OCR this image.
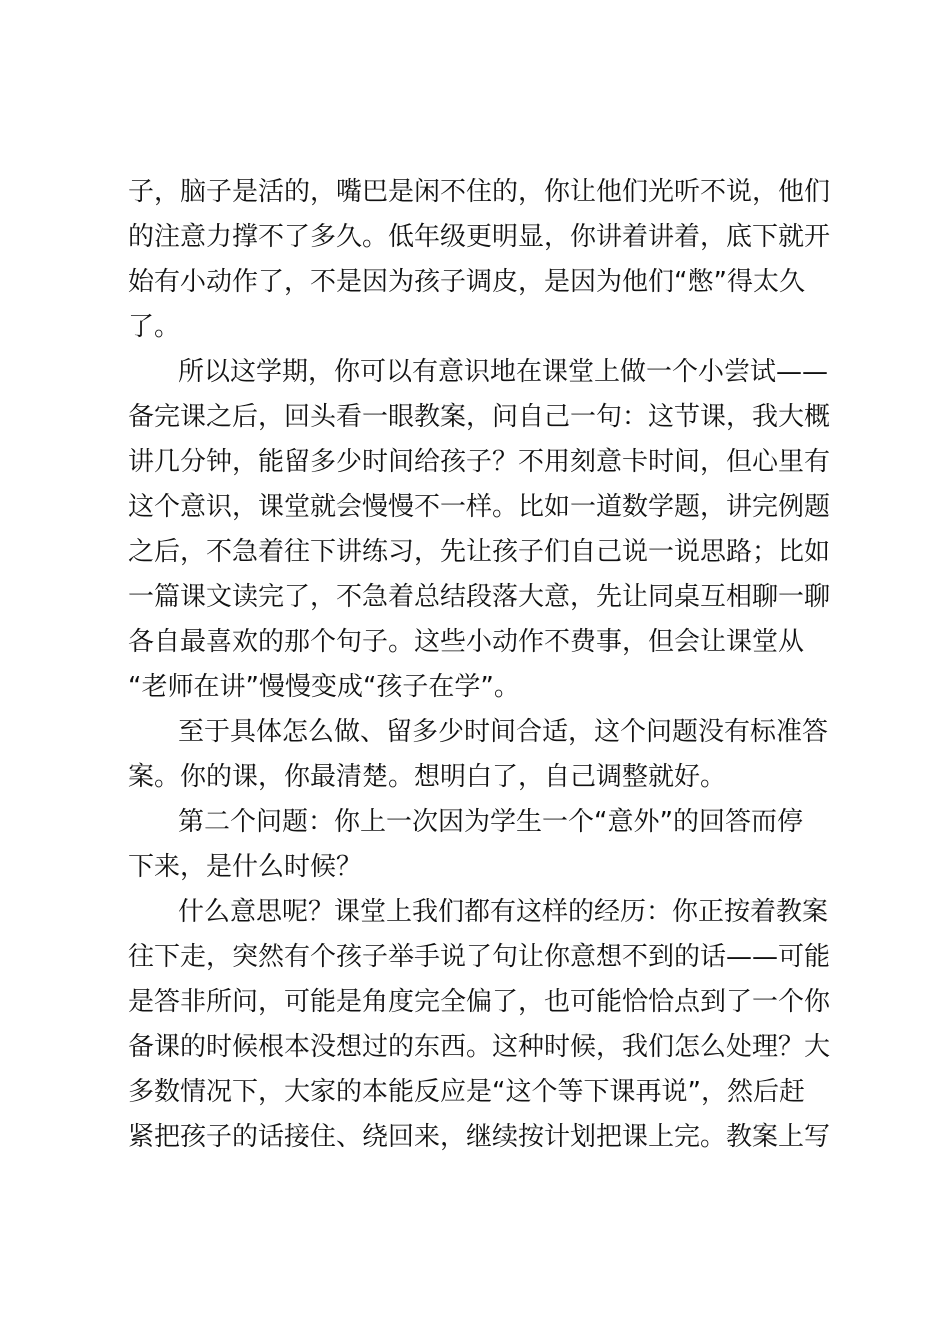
子，脑子是活的，嘴巴是闲不住的，你让他们光听不说，他们
的注意力撑不了多久。低年级更明显，你讲着讲着，底下就开
始有小动作了，不是因为孩子调皮，是因为他们“憋”得太久
了。
所以这学期，你可以有意识地在课堂上做一个小尝试——
备完课之后，回头看一眼教案，问自己一句：这节课，我大概
讲几分钟，能留多少时间给孩子？不用刻意卡时间，但心里有
这个意识，课堂就会慢慢不一样。比如一道数学题，讲完例题
之后，不急着往下讲练习，先让孩子们自己说一说思路；比如
一篇课文读完了，不急着总结段落大意，先让同桌互相聊一聊
各自最喜欢的那个句子。这些小动作不费事，但会让课堂从
“老师在讲”慢慢变成“孩子在学”。
至于具体怎么做、留多少时间合适，这个问题没有标准答
案。你的课，你最清楚。想明白了，自己调整就好。
第二个问题：你上一次因为学生一个“意外”的回答而停
下来，是什么时候？
什么意思呢？课堂上我们都有这样的经历：你正按着教案
往下走，突然有个孩子举手说了句让你意想不到的话——可能
是答非所问，可能是角度完全偏了，也可能恰恰点到了一个你
备课的时候根本没想过的东西。这种时候，我们怎么处理？大
多数情况下，大家的本能反应是“这个等下课再说”，然后赶
紧把孩子的话接住、绕回来，继续按计划把课上完。教案上写
